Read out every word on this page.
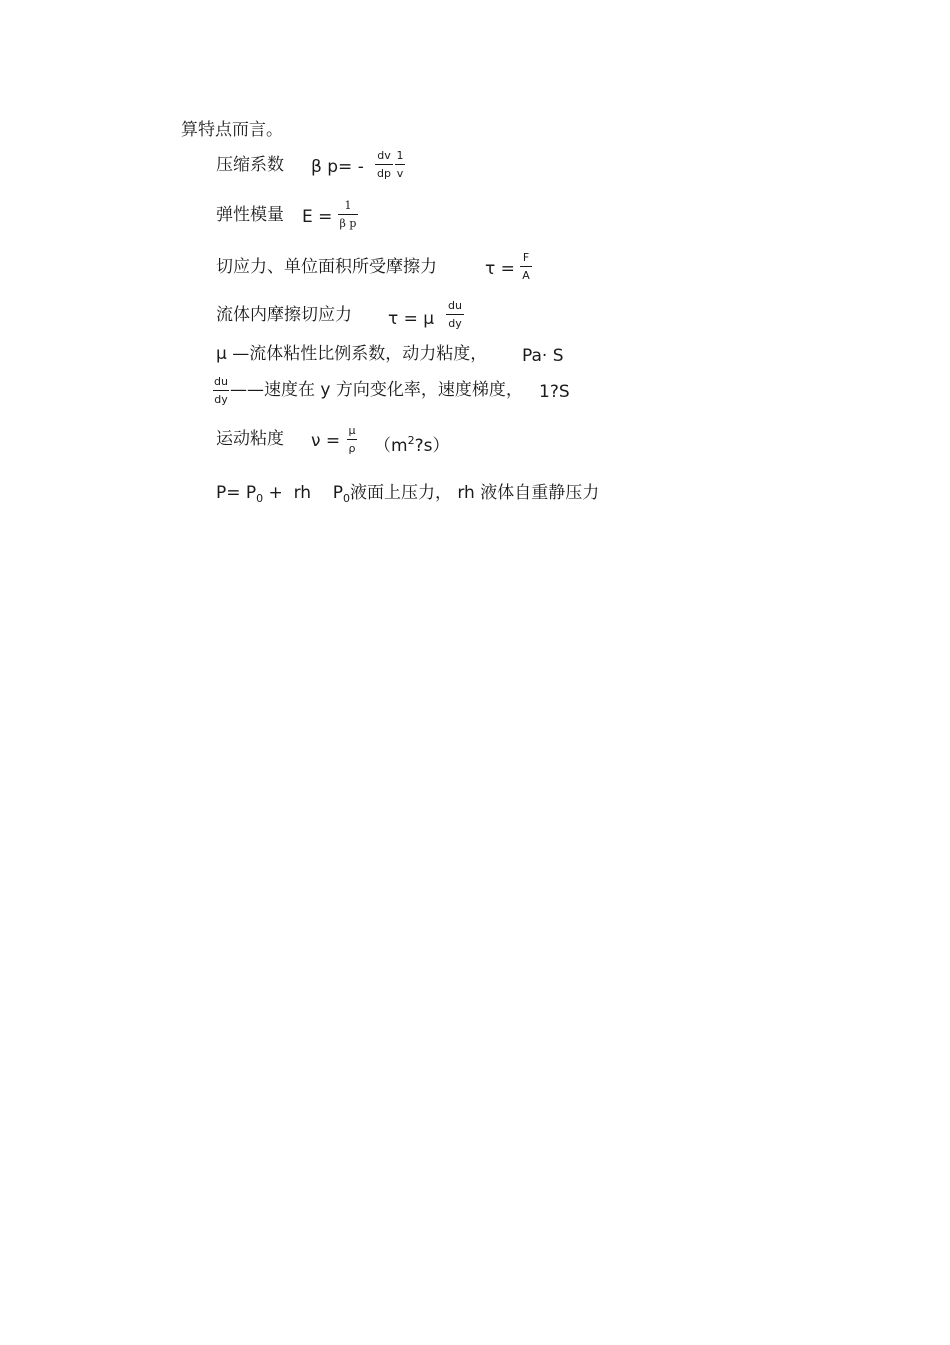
算特点而言。
压缩系数 β p= -
dv
dp
1
v
弹性模量 E =
1
β p
切应力、单位面积所受摩擦力	τ =
F
A
流体内摩擦切应力 τ = μ
du
dy
μ —流体粘性比例系数，动力粘度， Pa· S
du
dy ——速度在 y 方向变化率，速度梯度， 1?S
运动粘度 ν =
μ
ρ $(m^2?s)$
$P= P_0$ +  rh    $P_0$液面上压力， rh 液体自重静压力
